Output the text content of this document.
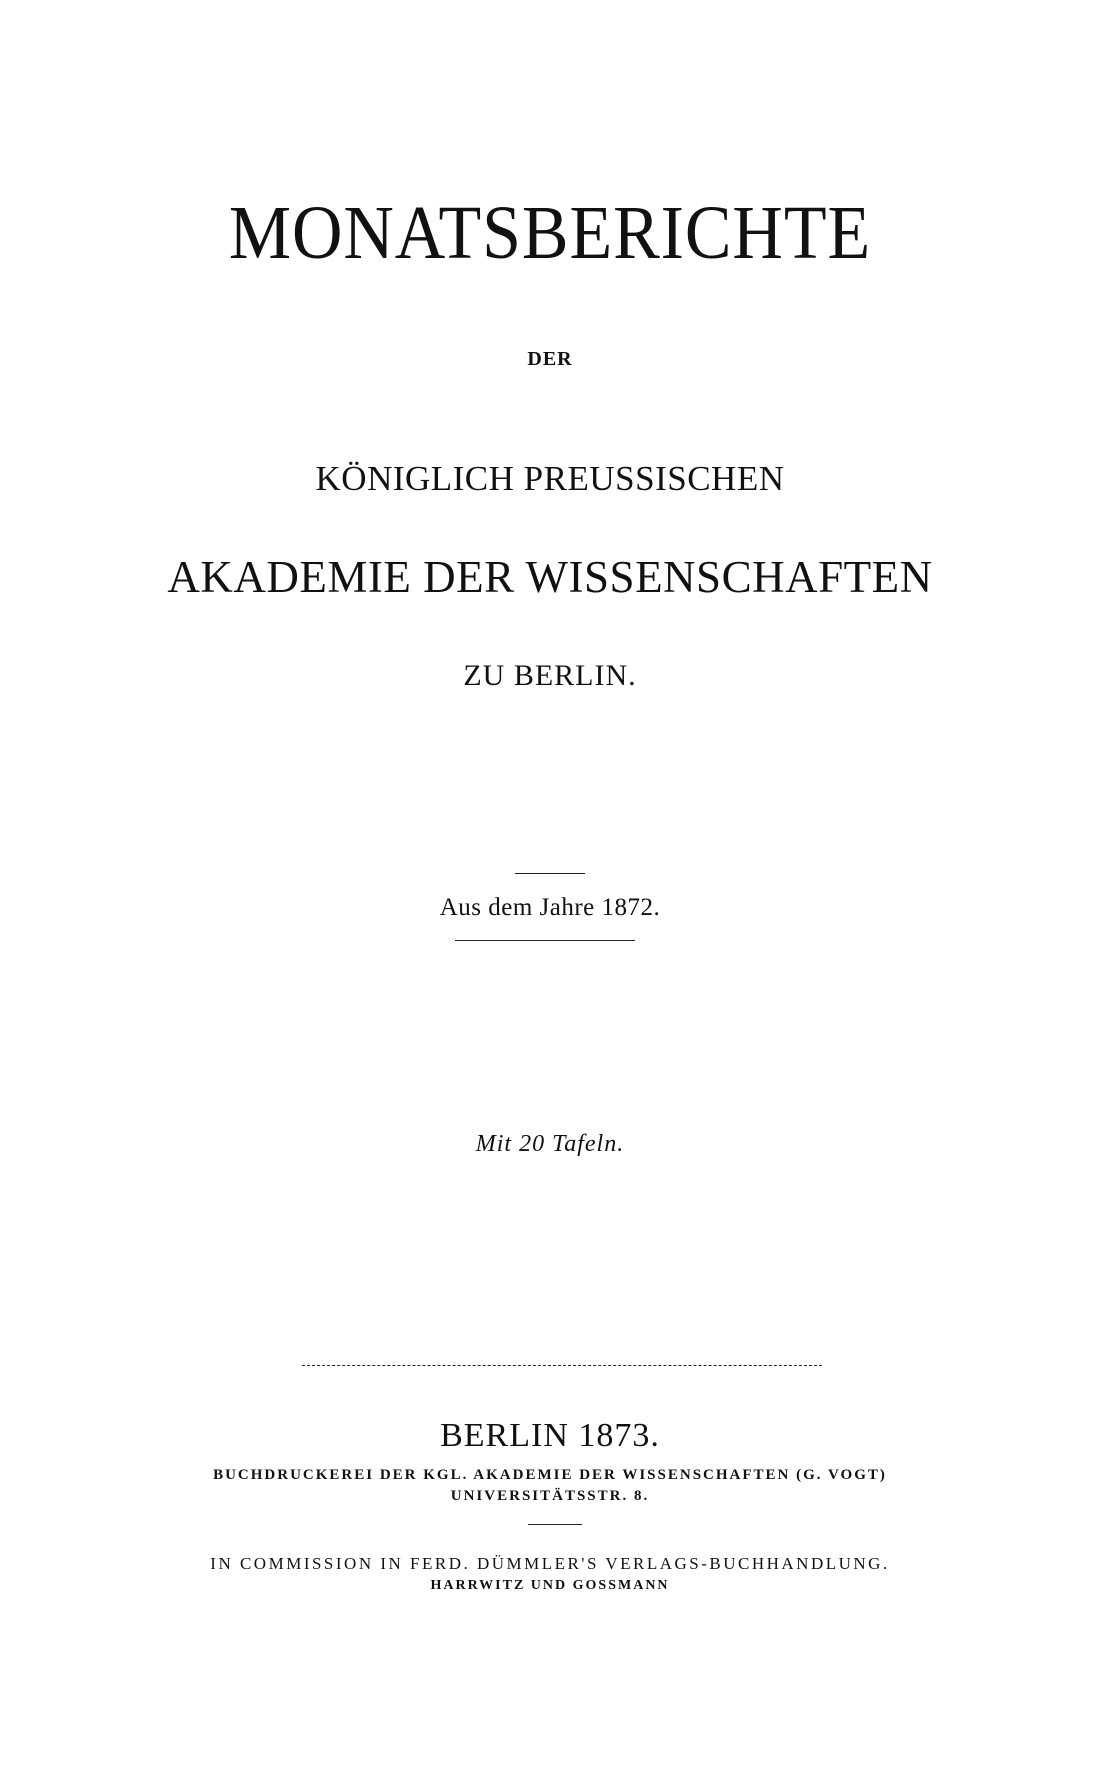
MONATSBERICHTE
DER
KÖNIGLICH PREUSSISCHEN
AKADEMIE DER WISSENSCHAFTEN
ZU BERLIN.
Aus dem Jahre 1872.
Mit 20 Tafeln.
BERLIN 1873.
BUCHDRUCKEREI DER KGL. AKADEMIE DER WISSENSCHAFTEN (G. VOGT)
UNIVERSITÄTSSTR. 8.
IN COMMISSION IN FERD. DÜMMLER'S VERLAGS-BUCHHANDLUNG.
HARRWITZ UND GOSSMANN
